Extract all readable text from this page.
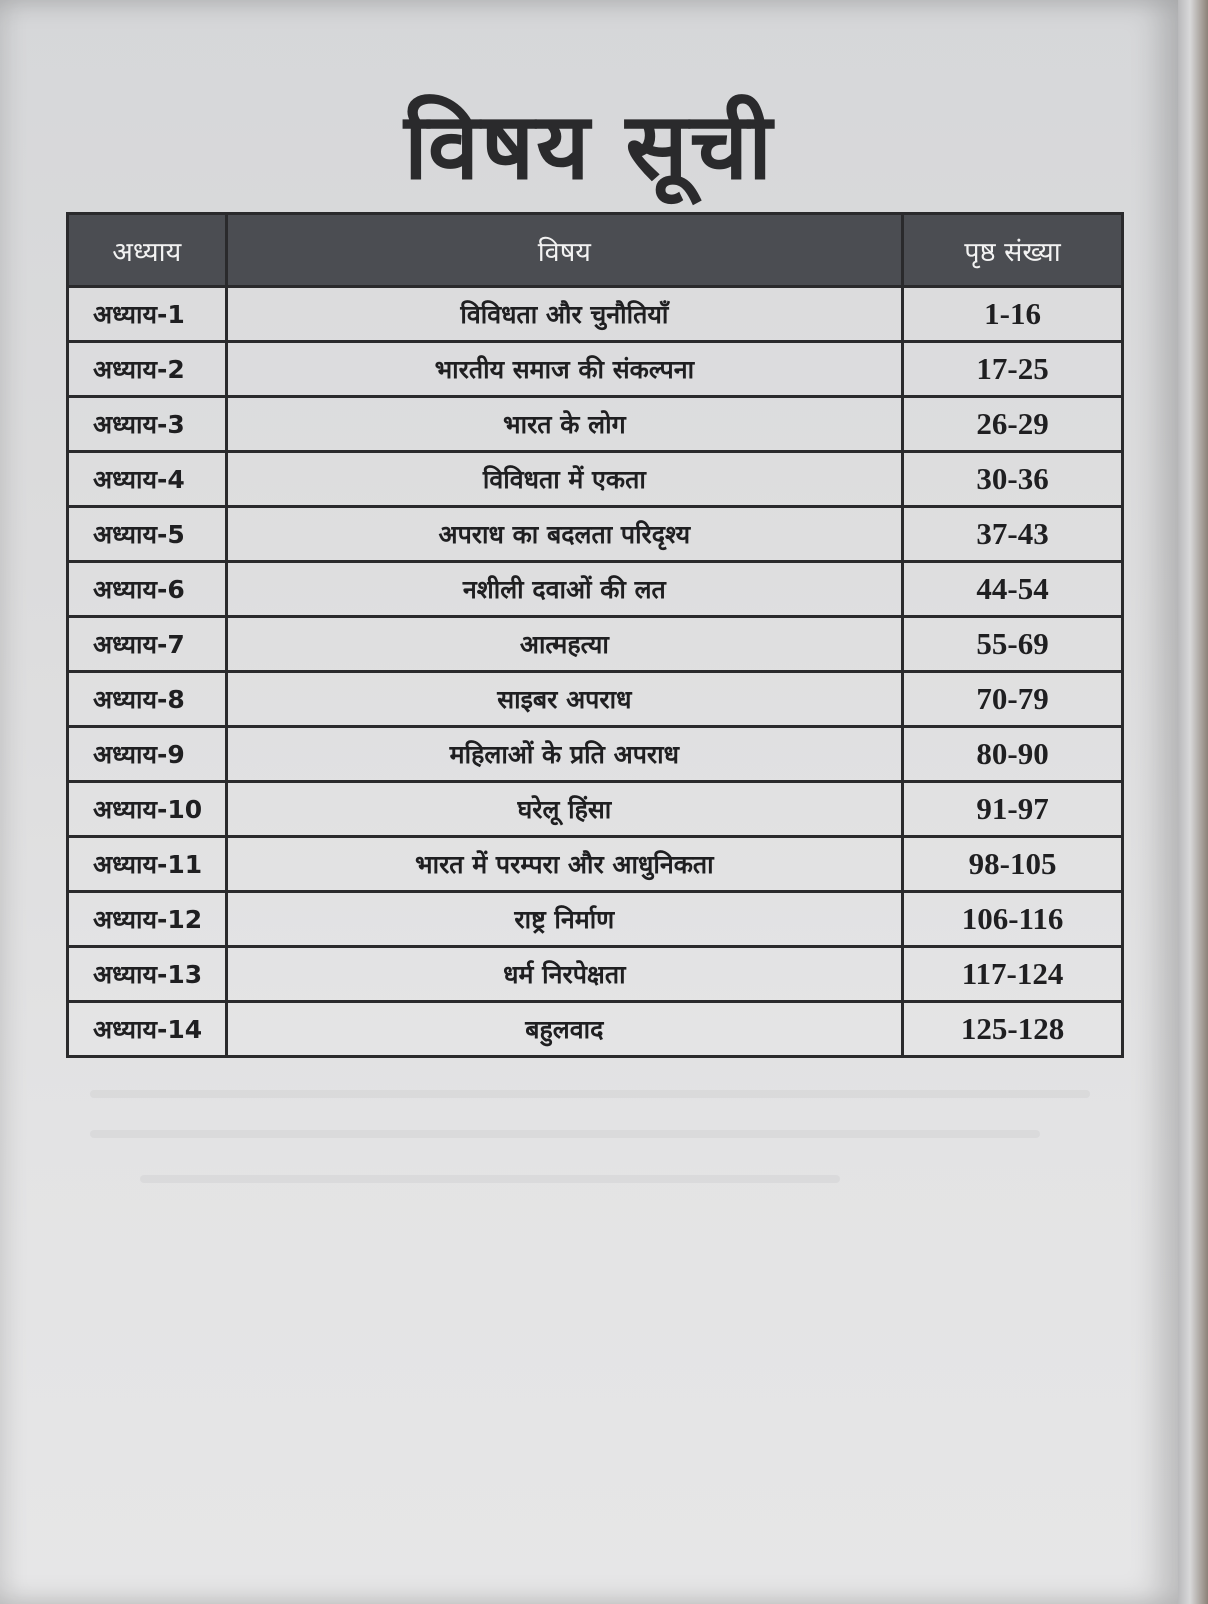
विषय सूची
अध्याय	विषय	पृष्ठ संख्या
अध्याय-1	विविधता और चुनौतियाँ	1-16
अध्याय-2	भारतीय समाज की संकल्पना	17-25
अध्याय-3	भारत के लोग	26-29
अध्याय-4	विविधता में एकता	30-36
अध्याय-5	अपराध का बदलता परिदृश्य	37-43
अध्याय-6	नशीली दवाओं की लत	44-54
अध्याय-7	आत्महत्या	55-69
अध्याय-8	साइबर अपराध	70-79
अध्याय-9	महिलाओं के प्रति अपराध	80-90
अध्याय-10	घरेलू हिंसा	91-97
अध्याय-11	भारत में परम्परा और आधुनिकता	98-105
अध्याय-12	राष्ट्र निर्माण	106-116
अध्याय-13	धर्म निरपेक्षता	117-124
अध्याय-14	बहुलवाद	125-128
